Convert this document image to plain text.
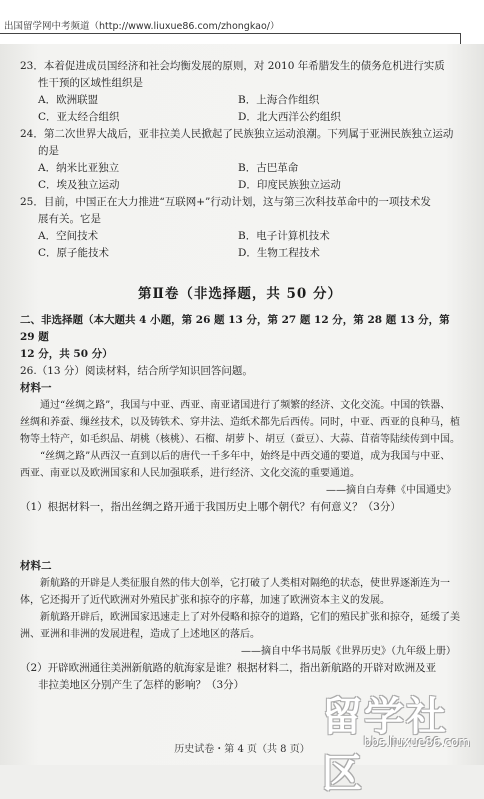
出国留学网中考频道（http://www.liuxue86.com/zhongkao/）
23．本着促进成员国经济和社会均衡发展的原则，对 2010 年希腊发生的债务危机进行实质
性干预的区域性组织是
A．欧洲联盟	B．上海合作组织
C．亚太经合组织	D．北大西洋公约组织
24．第二次世界大战后，亚非拉美人民掀起了民族独立运动浪潮。下列属于亚洲民族独立运动
的是
A．纳米比亚独立	B．古巴革命
C．埃及独立运动	D．印度民族独立运动
25．目前，中国正在大力推进“互联网+”行动计划，这与第三次科技革命中的一项技术发
展有关。它是
A．空间技术	B．电子计算机技术
C．原子能技术	D．生物工程技术
第Ⅱ卷（非选择题，共 50 分）
二、非选择题（本大题共 4 小题，第 26 题 13 分，第 27 题 12 分，第 28 题 13 分，第 29 题
12 分，共 50 分）
26.（13 分）阅读材料，结合所学知识回答问题。
材料一
通过“丝绸之路”，我国与中亚、西亚、南亚诸国进行了频繁的经济、文化交流。中国的铁器、丝绸和养蚕、缫丝技术，以及铸铁术、穿井法、造纸术都先后西传。同时，中亚、西亚的良种马，植物等土特产，如毛织品、胡桃（核桃）、石榴、胡萝卜、胡豆（蚕豆）、大蒜、苜蓿等陆续传到中国。
“丝绸之路”从西汉一直到以后的唐代一千多年中，始终是中西交通的要道，成为我国与中亚、西亚、南亚以及欧洲国家和人民加强联系，进行经济、文化交流的重要通道。
——摘自白寿彝《中国通史》
（1）根据材料一，指出丝绸之路开通于我国历史上哪个朝代？有何意义？（3分）
材料二
新航路的开辟是人类征服自然的伟大创举，它打破了人类相对隔绝的状态，使世界逐渐连为一体，它还揭开了近代欧洲对外殖民扩张和掠夺的序幕，加速了欧洲资本主义的发展。
新航路开辟后，欧洲国家迅速走上了对外侵略和掠夺的道路，它们的殖民扩张和掠夺，延缓了美洲、亚洲和非洲的发展进程，造成了上述地区的落后。
——摘自中华书局版《世界历史》（九年级上册）
（2）开辟欧洲通往美洲新航路的航海家是谁？根据材料二，指出新航路的开辟对欧洲及亚
非拉美地区分别产生了怎样的影响？（3分）
历史试卷・第 4 页（共 8 页）
留学社区
bbs.liuxue86.com
